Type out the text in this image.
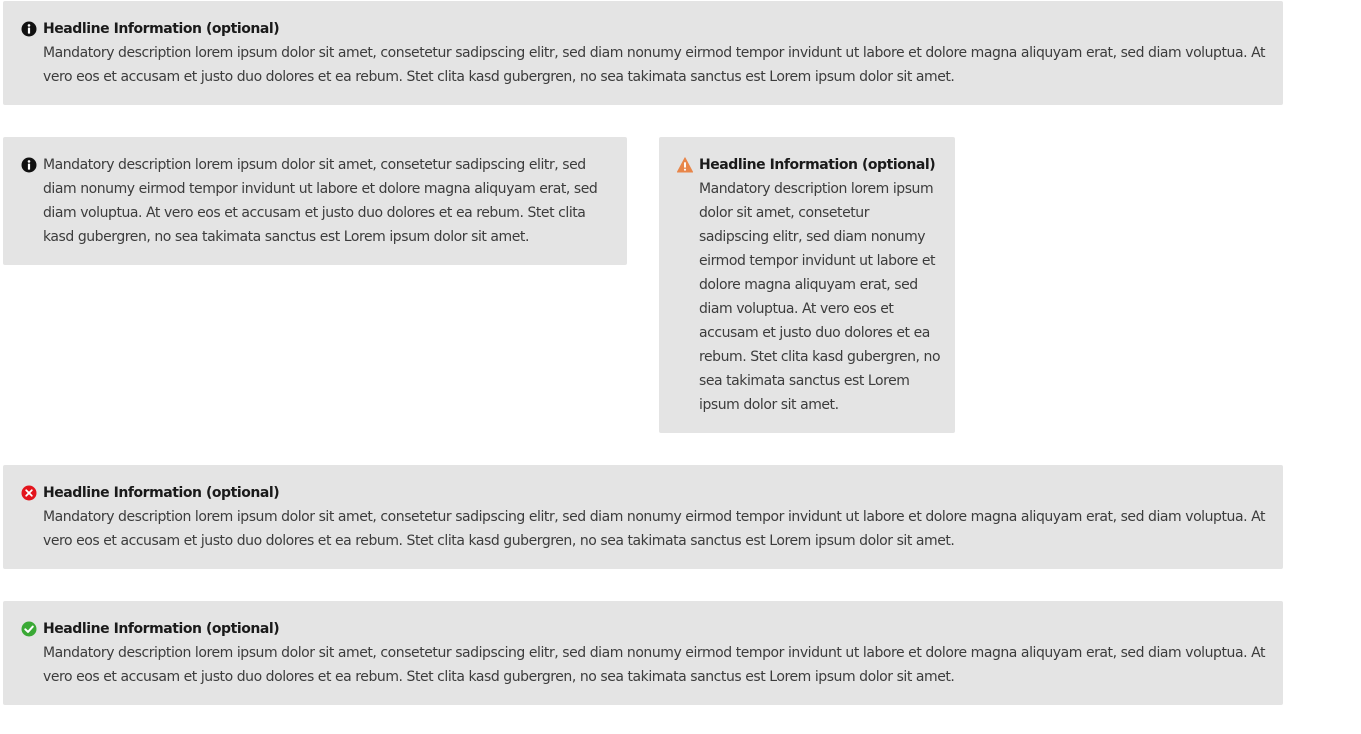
Headline Information (optional)
Mandatory description lorem ipsum dolor sit amet, consetetur sadipscing elitr, sed diam nonumy eirmod tempor invidunt ut labore et dolore magna aliquyam erat, sed diam voluptua. At vero eos et accusam et justo duo dolores et ea rebum. Stet clita kasd gubergren, no sea takimata sanctus est Lorem ipsum dolor sit amet.
Mandatory description lorem ipsum dolor sit amet, consetetur sadipscing elitr, sed diam nonumy eirmod tempor invidunt ut labore et dolore magna aliquyam erat, sed diam voluptua. At vero eos et accusam et justo duo dolores et ea rebum. Stet clita kasd gubergren, no sea takimata sanctus est Lorem ipsum dolor sit amet.
Headline Information (optional)
Mandatory description lorem ipsum dolor sit amet, consetetur sadipscing elitr, sed diam nonumy eirmod tempor invidunt ut labore et dolore magna aliquyam erat, sed diam voluptua. At vero eos et accusam et justo duo dolores et ea rebum. Stet clita kasd gubergren, no sea takimata sanctus est Lorem ipsum dolor sit amet.
Headline Information (optional)
Mandatory description lorem ipsum dolor sit amet, consetetur sadipscing elitr, sed diam nonumy eirmod tempor invidunt ut labore et dolore magna aliquyam erat, sed diam voluptua. At vero eos et accusam et justo duo dolores et ea rebum. Stet clita kasd gubergren, no sea takimata sanctus est Lorem ipsum dolor sit amet.
Headline Information (optional)
Mandatory description lorem ipsum dolor sit amet, consetetur sadipscing elitr, sed diam nonumy eirmod tempor invidunt ut labore et dolore magna aliquyam erat, sed diam voluptua. At vero eos et accusam et justo duo dolores et ea rebum. Stet clita kasd gubergren, no sea takimata sanctus est Lorem ipsum dolor sit amet.
